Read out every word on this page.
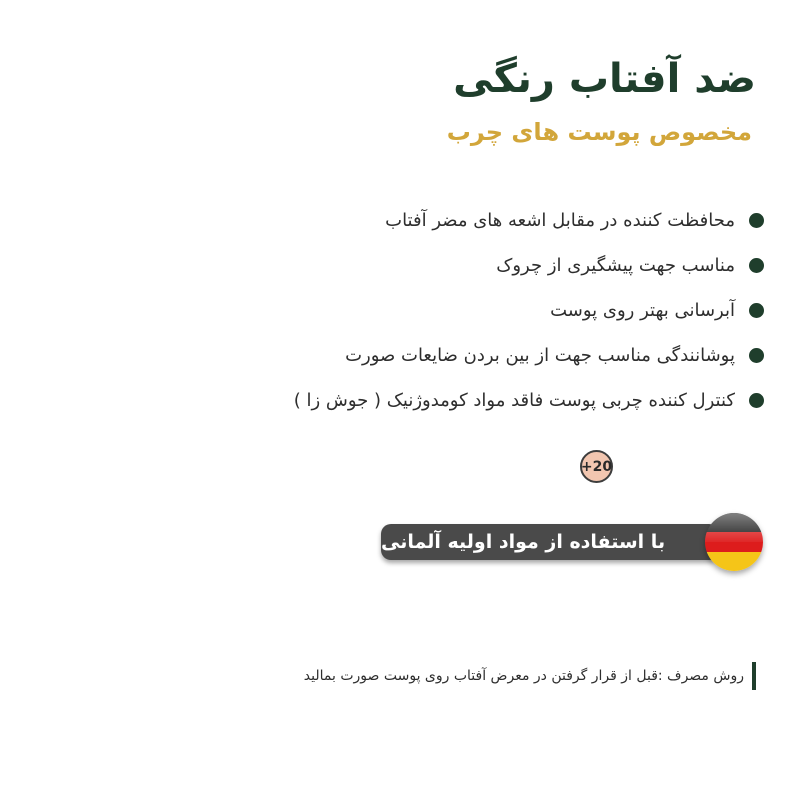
ضد آفتاب رنگی
مخصوص پوست های چرب
محافظت کننده در مقابل اشعه های مضر آفتاب
مناسب جهت پیشگیری از چروک
آبرسانی بهتر روی پوست
پوشانندگی مناسب جهت از بین بردن ضایعات صورت
کنترل کننده چربی پوست فاقد مواد کومدوژنیک ( جوش زا )
+20
با استفاده از مواد اولیه آلمانی
روش مصرف :قبل از قرار گرفتن در معرض آفتاب روی پوست صورت بمالید
